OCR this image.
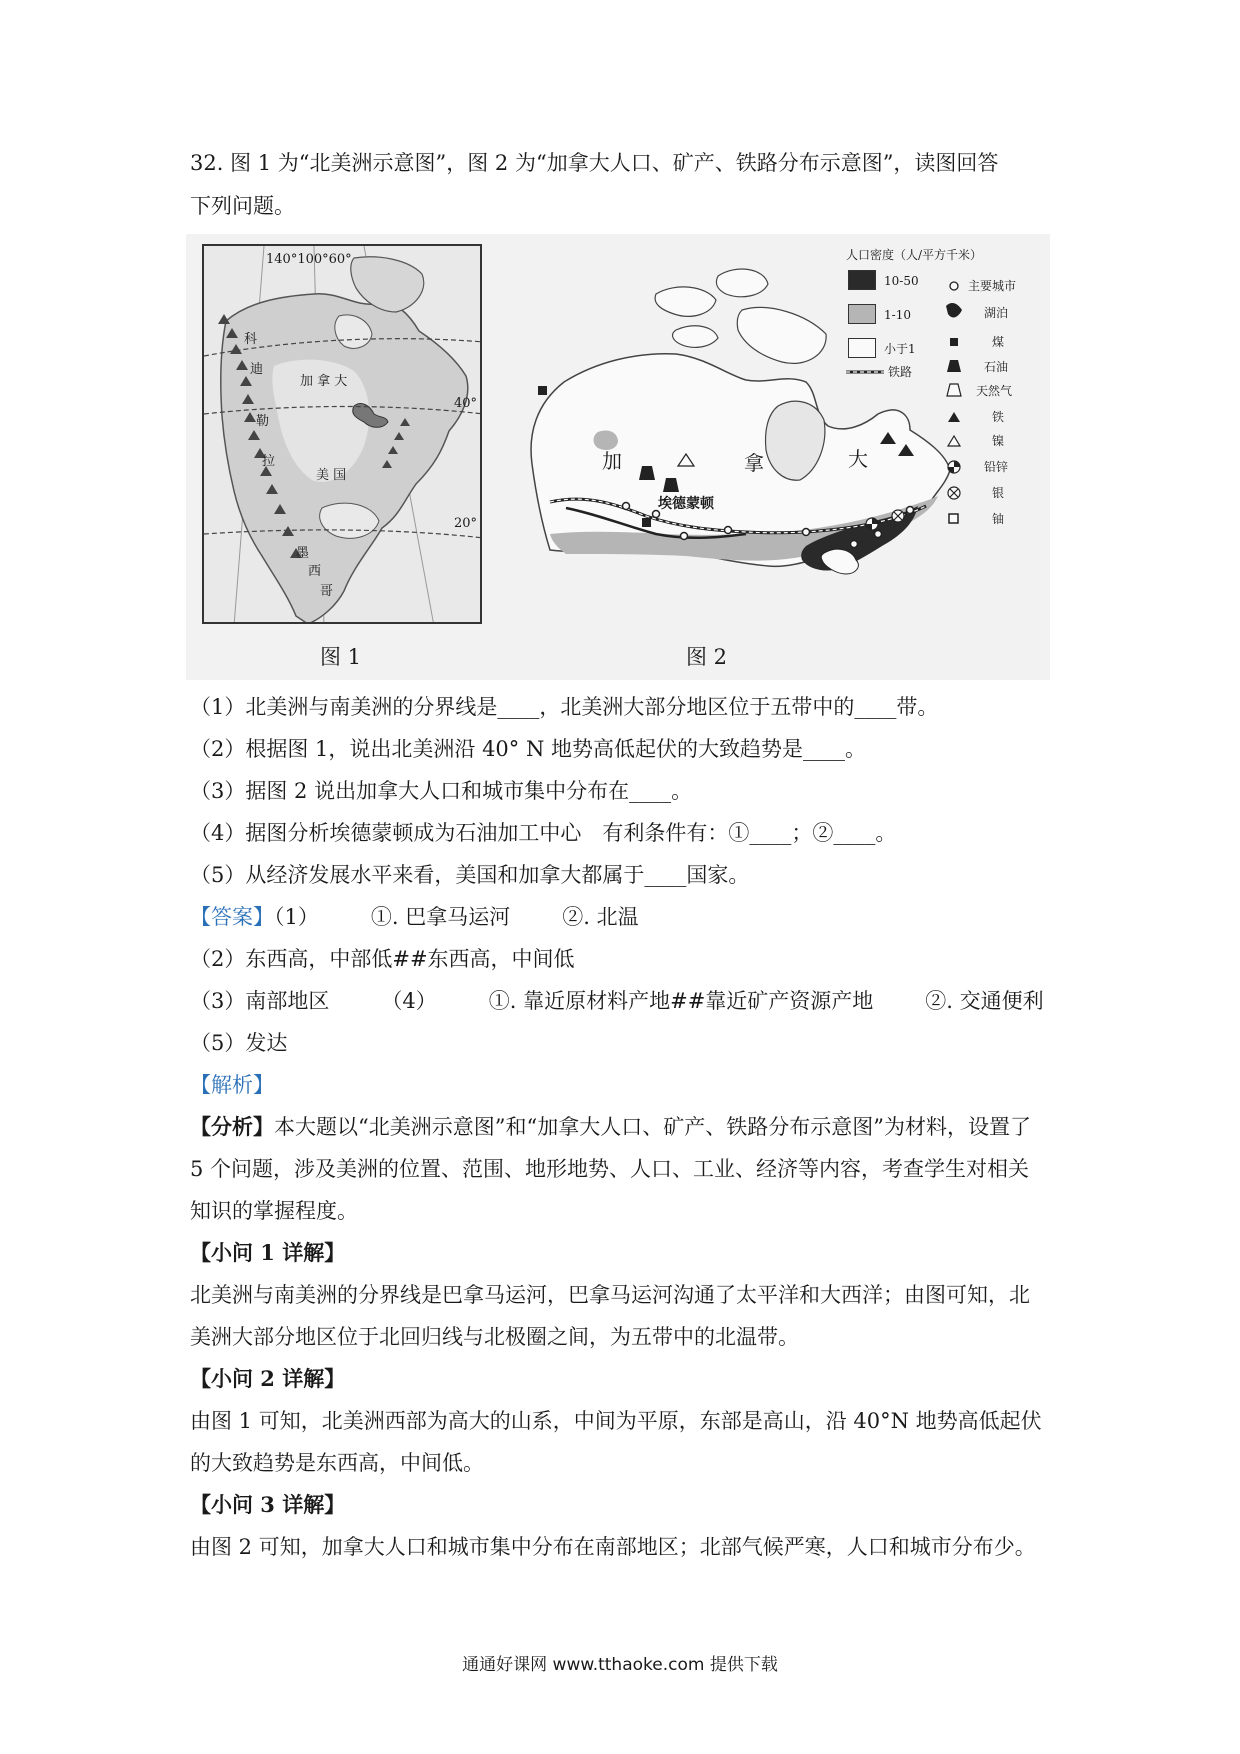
32. 图 1 为“北美洲示意图”，图 2 为“加拿大人口、矿产、铁路分布示意图”，读图回答
下列问题。
140°100°60°
40°
20°
加 拿 大
美 国
科
迪
勒
拉
墨
西
哥
图 1
人口密度（人/平方千米）
10-50
1-10
小于1
铁路
主要城市
湖泊
煤
石油
天然气
铁
镍
铅锌
银
铀
加	拿	大
埃德蒙顿
图 2
（1）北美洲与南美洲的分界线是____，北美洲大部分地区位于五带中的____带。
（2）根据图 1，说出北美洲沿 40° N 地势高低起伏的大致趋势是____。
（3）据图 2 说出加拿大人口和城市集中分布在____。
（4）据图分析埃德蒙顿成为石油加工中心　有利条件有：①____；②____。
（5）从经济发展水平来看，美国和加拿大都属于____国家。
【答案】（1） ①. 巴拿马运河 ②. 北温
（2）东西高，中部低##东西高，中间低
（3）南部地区 （4） ①. 靠近原材料产地##靠近矿产资源产地 ②. 交通便利
（5）发达
【解析】
【分析】本大题以“北美洲示意图”和“加拿大人口、矿产、铁路分布示意图”为材料，设置了
5 个问题，涉及美洲的位置、范围、地形地势、人口、工业、经济等内容，考查学生对相关
知识的掌握程度。
【小问 1 详解】
北美洲与南美洲的分界线是巴拿马运河，巴拿马运河沟通了太平洋和大西洋；由图可知，北
美洲大部分地区位于北回归线与北极圈之间，为五带中的北温带。
【小问 2 详解】
由图 1 可知，北美洲西部为高大的山系，中间为平原，东部是高山，沿 40°N 地势高低起伏
的大致趋势是东西高，中间低。
【小问 3 详解】
由图 2 可知，加拿大人口和城市集中分布在南部地区；北部气候严寒，人口和城市分布少。
通通好课网 www.tthaoke.com 提供下载
